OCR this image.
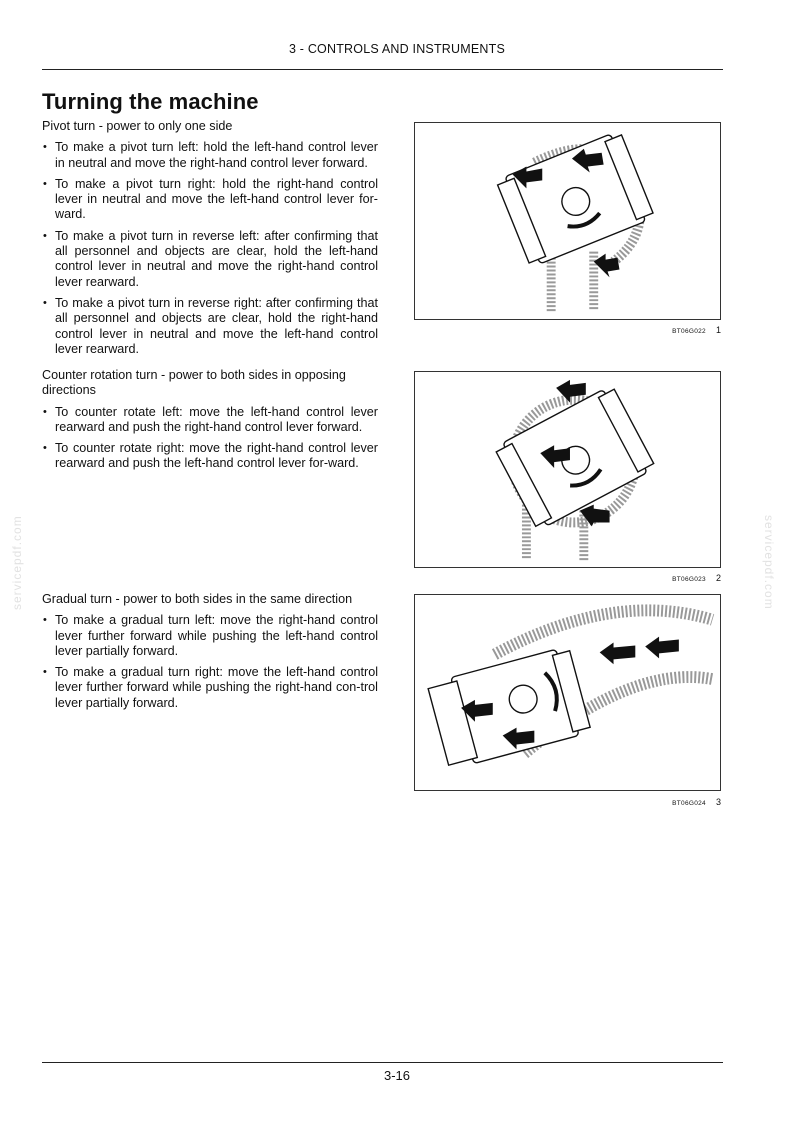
3 - CONTROLS AND INSTRUMENTS
Turning the machine

Pivot turn - power to only one side

• To make a pivot turn left: hold the left-hand control lever in neutral and move the right-hand control lever forward.
• To make a pivot turn right: hold the right-hand control lever in neutral and move the left-hand control lever for-ward.
• To make a pivot turn in reverse left: after confirming that all personnel and objects are clear, hold the left-hand control lever in neutral and move the right-hand control lever rearward.
• To make a pivot turn in reverse right: after confirming that all personnel and objects are clear, hold the right-hand control lever in neutral and move the left-hand control lever rearward.

Counter rotation turn - power to both sides in opposing directions

• To counter rotate left: move the left-hand control lever rearward and push the right-hand control lever forward.
• To counter rotate right: move the right-hand control lever rearward and push the left-hand control lever for-ward.

Gradual turn - power to both sides in the same direction

• To make a gradual turn left: move the right-hand control lever further forward while pushing the left-hand control lever partially forward.
• To make a gradual turn right: move the left-hand control lever further forward while pushing the right-hand con-trol lever partially forward.
BT06G022 1
BT06G023 2
BT06G024 3
servicepdf.com	servicepdf.com
3-16
